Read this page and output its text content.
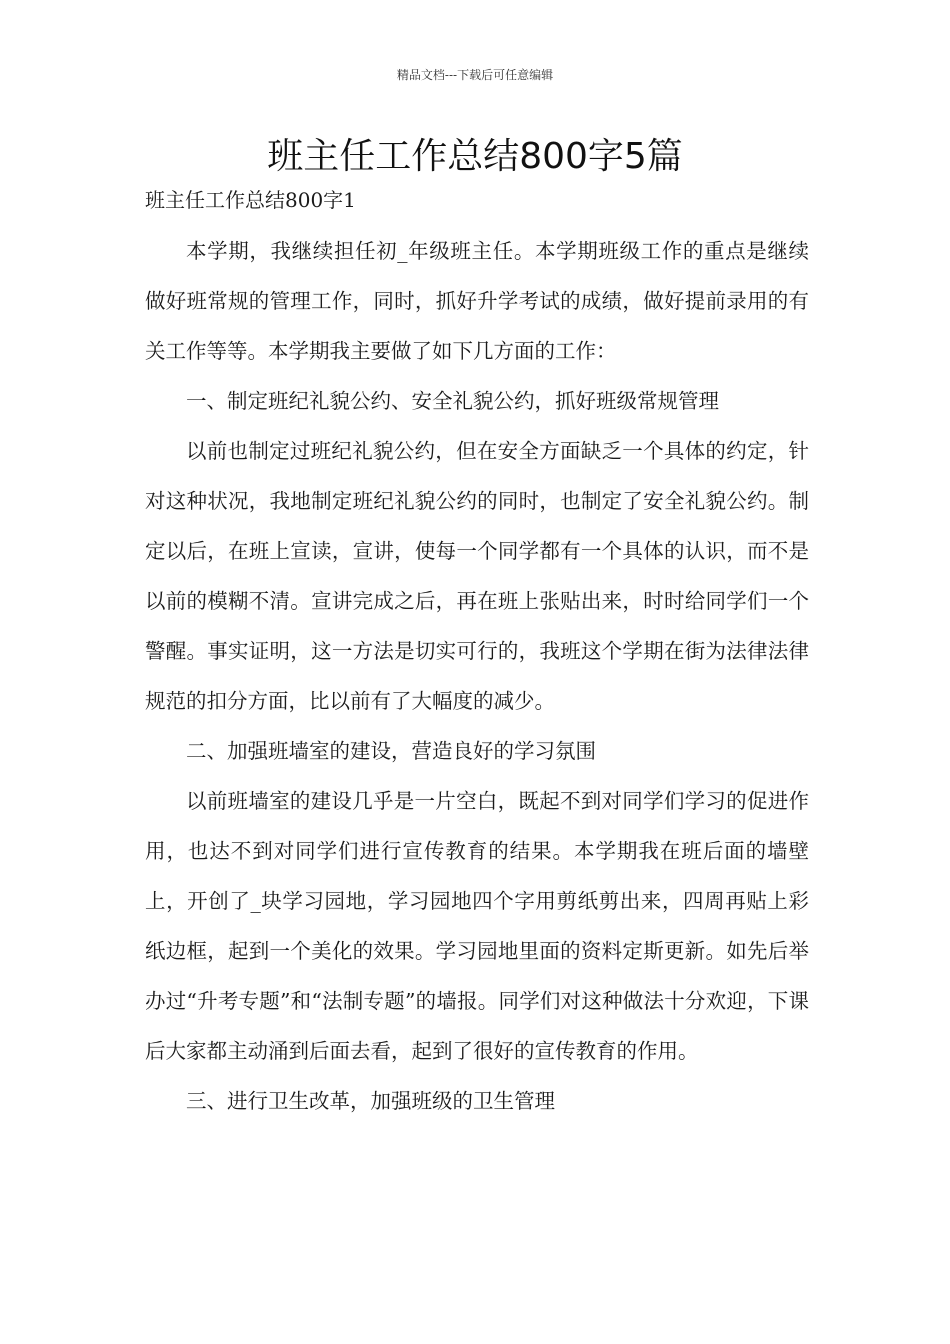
精品文档---下载后可任意编辑
班主任工作总结800字5篇
班主任工作总结800字1

本学期，我继续担任初_年级班主任。本学期班级工作的重点是继续做好班常规的管理工作，同时，抓好升学考试的成绩，做好提前录用的有关工作等等。本学期我主要做了如下几方面的工作：

一、制定班纪礼貌公约、安全礼貌公约，抓好班级常规管理

以前也制定过班纪礼貌公约，但在安全方面缺乏一个具体的约定，针对这种状况，我地制定班纪礼貌公约的同时，也制定了安全礼貌公约。制定以后，在班上宣读，宣讲，使每一个同学都有一个具体的认识，而不是以前的模糊不清。宣讲完成之后，再在班上张贴出来，时时给同学们一个警醒。事实证明，这一方法是切实可行的，我班这个学期在街为法律法律规范的扣分方面，比以前有了大幅度的减少。

二、加强班墙室的建设，营造良好的学习氛围

以前班墙室的建设几乎是一片空白，既起不到对同学们学习的促进作用，也达不到对同学们进行宣传教育的结果。本学期我在班后面的墙壁上，开创了_块学习园地，学习园地四个字用剪纸剪出来，四周再贴上彩纸边框，起到一个美化的效果。学习园地里面的资料定斯更新。如先后举办过“升考专题”和“法制专题”的墙报。同学们对这种做法十分欢迎，下课后大家都主动涌到后面去看，起到了很好的宣传教育的作用。

三、进行卫生改革，加强班级的卫生管理
